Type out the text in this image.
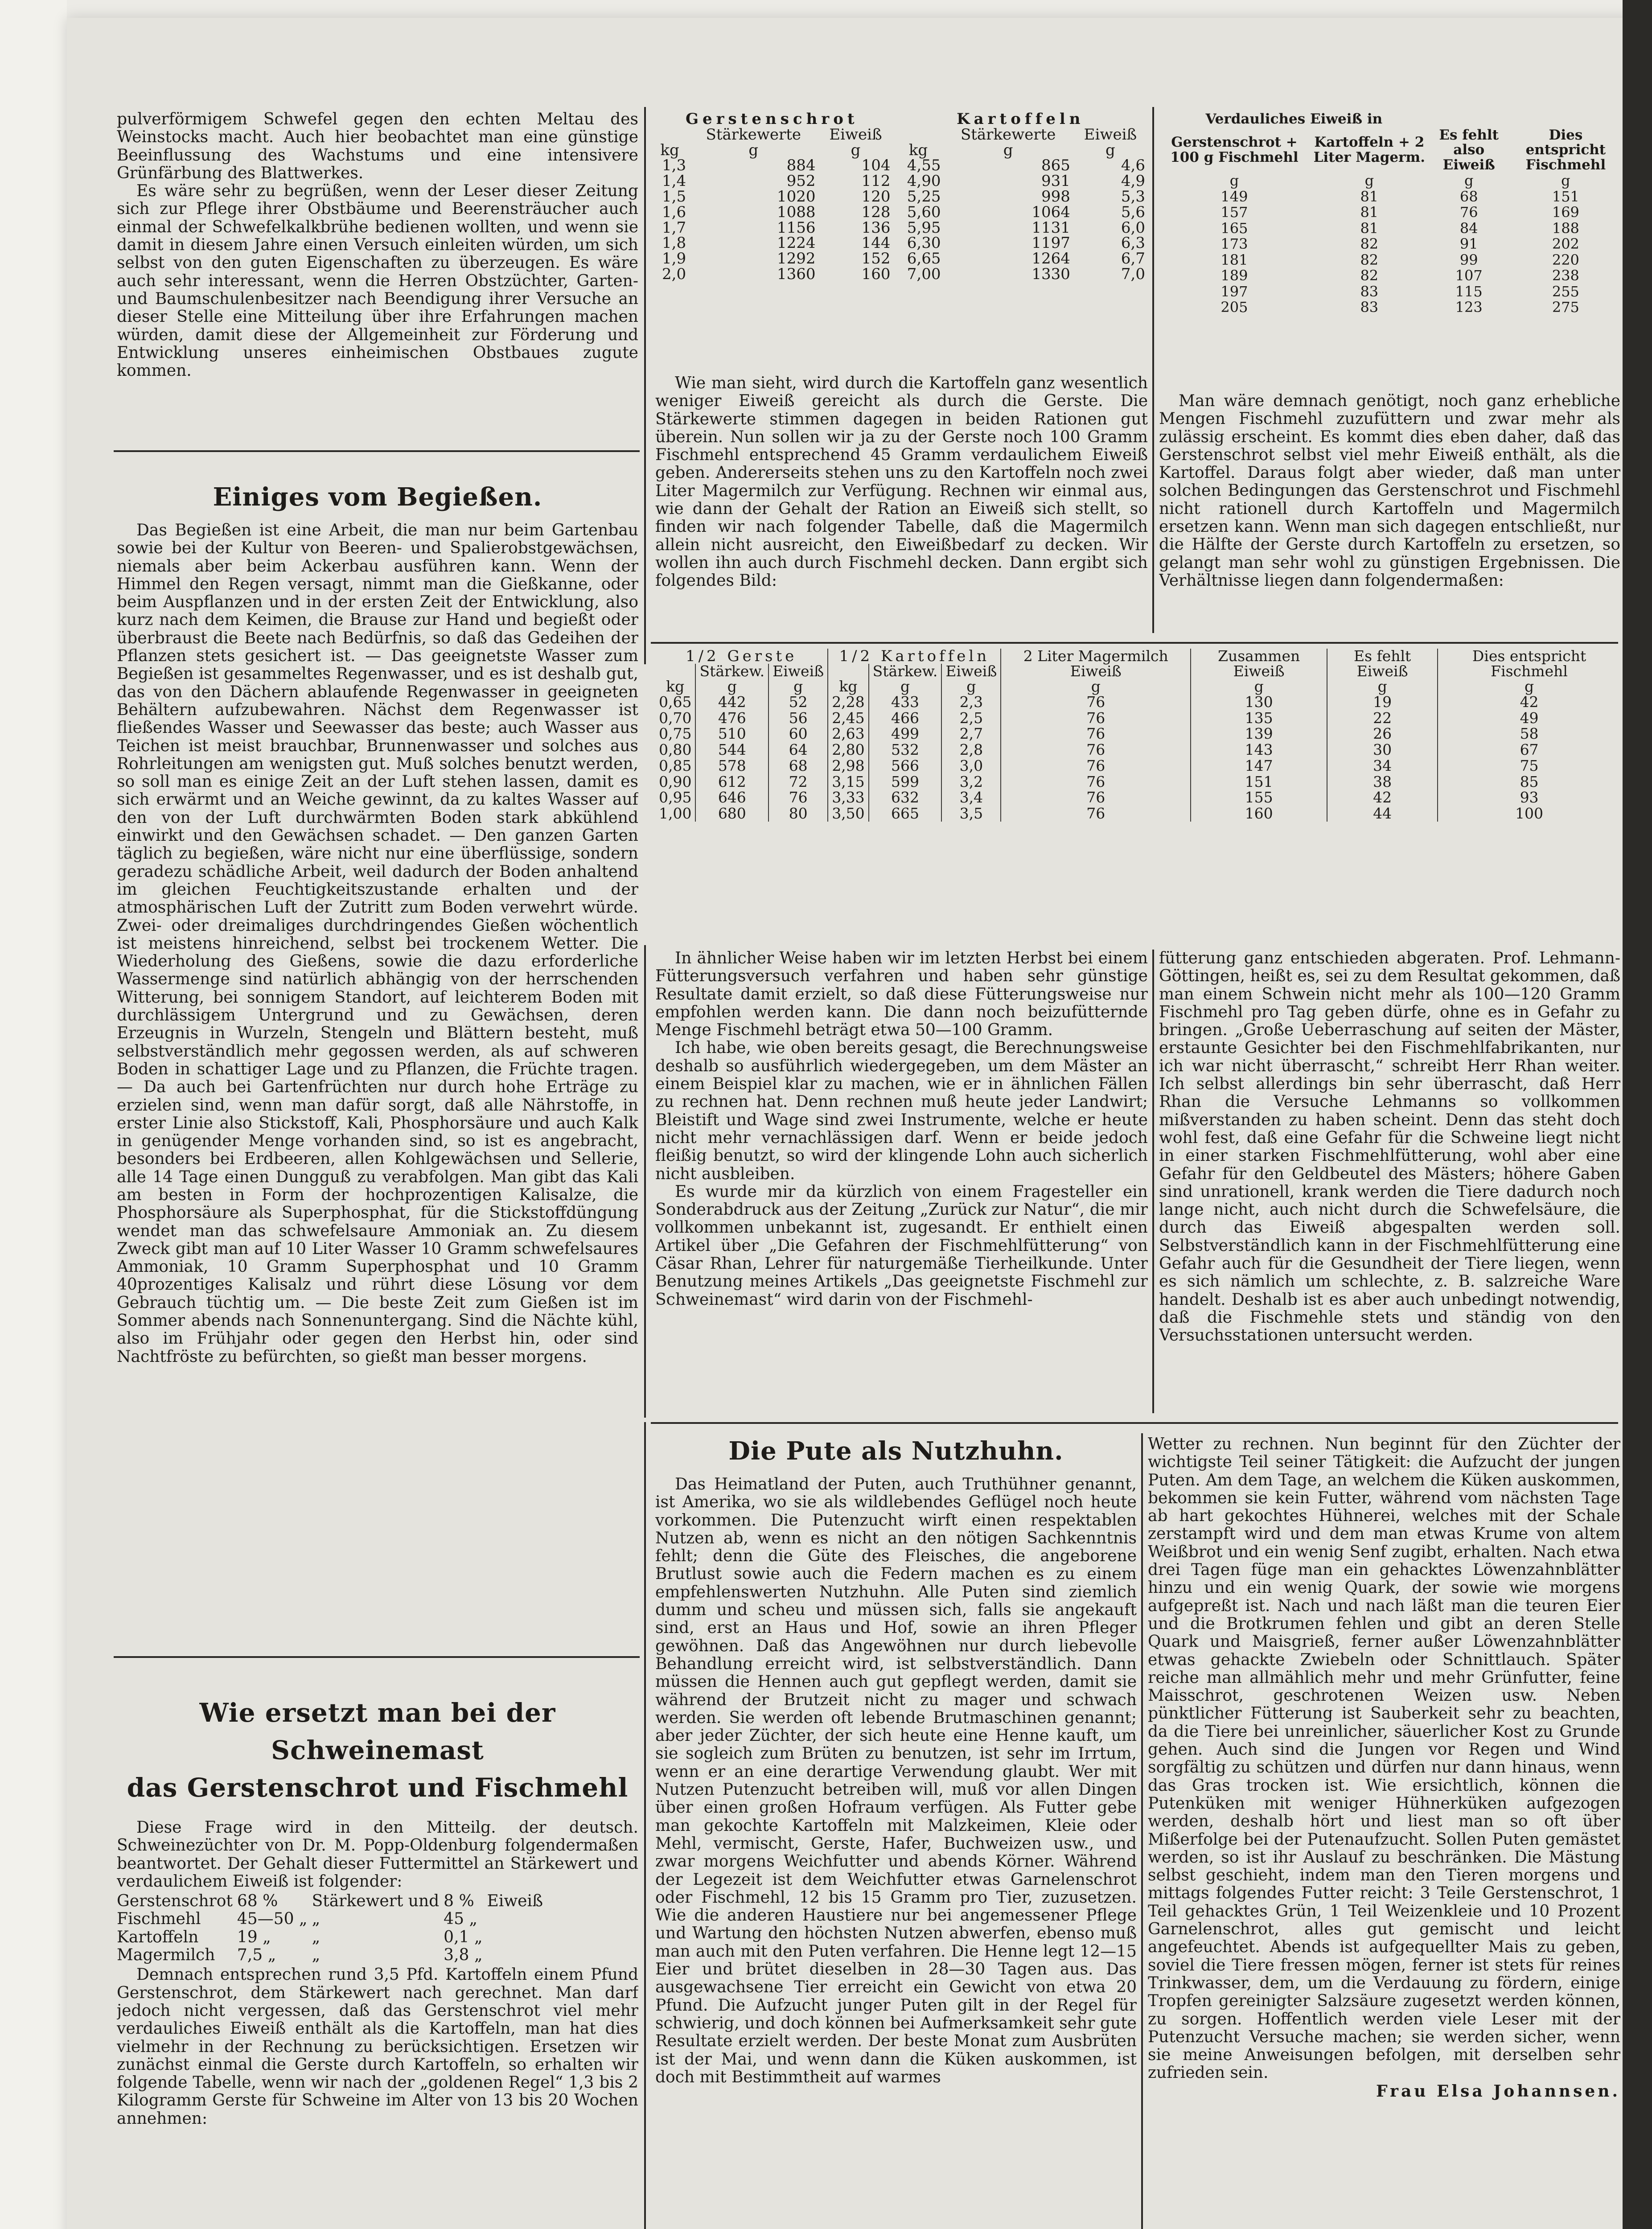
pulverförmigem Schwefel gegen den echten Meltau des Weinstocks macht. Auch hier beobachtet man eine günstige Beeinflussung des Wachstums und eine intensivere Grünfärbung des Blattwerkes.

Es wäre sehr zu begrüßen, wenn der Leser dieser Zeitung sich zur Pflege ihrer Obstbäume und Beerensträucher auch einmal der Schwefelkalkbrühe bedienen wollten, und wenn sie damit in diesem Jahre einen Versuch einleiten würden, um sich selbst von den guten Eigenschaften zu überzeugen. Es wäre auch sehr interessant, wenn die Herren Obstzüchter, Garten- und Baumschulenbesitzer nach Beendigung ihrer Versuche an dieser Stelle eine Mitteilung über ihre Erfahrungen machen würden, damit diese der Allgemeinheit zur Förderung und Entwicklung unseres einheimischen Obstbaues zugute kommen.

Einiges vom Begießen.

Das Begießen ist eine Arbeit, die man nur beim Gartenbau sowie bei der Kultur von Beeren- und Spalierobstgewächsen, niemals aber beim Ackerbau ausführen kann. Wenn der Himmel den Regen versagt, nimmt man die Gießkanne, oder beim Auspflanzen und in der ersten Zeit der Entwicklung, also kurz nach dem Keimen, die Brause zur Hand und begießt oder überbraust die Beete nach Bedürfnis, so daß das Gedeihen der Pflanzen stets gesichert ist. — Das geeignetste Wasser zum Begießen ist gesammeltes Regenwasser, und es ist deshalb gut, das von den Dächern ablaufende Regenwasser in geeigneten Behältern aufzubewahren. Nächst dem Regenwasser ist fließendes Wasser und Seewasser das beste; auch Wasser aus Teichen ist meist brauchbar, Brunnenwasser und solches aus Rohrleitungen am wenigsten gut. Muß solches benutzt werden, so soll man es einige Zeit an der Luft stehen lassen, damit es sich erwärmt und an Weiche gewinnt, da zu kaltes Wasser auf den von der Luft durchwärmten Boden stark abkühlend einwirkt und den Gewächsen schadet. — Den ganzen Garten täglich zu begießen, wäre nicht nur eine überflüssige, sondern geradezu schädliche Arbeit, weil dadurch der Boden anhaltend im gleichen Feuchtigkeitszustande erhalten und der atmosphärischen Luft der Zutritt zum Boden verwehrt würde. Zwei- oder dreimaliges durchdringendes Gießen wöchentlich ist meistens hinreichend, selbst bei trockenem Wetter. Die Wiederholung des Gießens, sowie die dazu erforderliche Wassermenge sind natürlich abhängig von der herrschenden Witterung, bei sonnigem Standort, auf leichterem Boden mit durchlässigem Untergrund und zu Gewächsen, deren Erzeugnis in Wurzeln, Stengeln und Blättern besteht, muß selbstverständlich mehr gegossen werden, als auf schweren Boden in schattiger Lage und zu Pflanzen, die Früchte tragen. — Da auch bei Gartenfrüchten nur durch hohe Erträge zu erzielen sind, wenn man dafür sorgt, daß alle Nährstoffe, in erster Linie also Stickstoff, Kali, Phosphorsäure und auch Kalk in genügender Menge vorhanden sind, so ist es angebracht, besonders bei Erdbeeren, allen Kohlgewächsen und Sellerie, alle 14 Tage einen Dungguß zu verabfolgen. Man gibt das Kali am besten in Form der hochprozentigen Kalisalze, die Phosphorsäure als Superphosphat, für die Stickstoffdüngung wendet man das schwefelsaure Ammoniak an. Zu diesem Zweck gibt man auf 10 Liter Wasser 10 Gramm schwefelsaures Ammoniak, 10 Gramm Superphosphat und 10 Gramm 40prozentiges Kalisalz und rührt diese Lösung vor dem Gebrauch tüchtig um. — Die beste Zeit zum Gießen ist im Sommer abends nach Sonnenuntergang. Sind die Nächte kühl, also im Frühjahr oder gegen den Herbst hin, oder sind Nachtfröste zu befürchten, so gießt man besser morgens.

Wie ersetzt man bei der Schweinemast
das Gerstenschrot und Fischmehl

Diese Frage wird in den Mitteilg. der deutsch. Schweinezüchter von Dr. M. Popp-Oldenburg folgendermaßen beantwortet. Der Gehalt dieser Futtermittel an Stärkewert und verdaulichem Eiweiß ist folgender:

Gerstenschrot	68 %	Stärkewert und	8 %	Eiweiß
Fischmehl	45—50 „	„	45 „	
Kartoffeln	19 „	„	0,1 „	
Magermilch	7,5 „	„	3,8 „	

Demnach entsprechen rund 3,5 Pfd. Kartoffeln einem Pfund Gerstenschrot, dem Stärkewert nach gerechnet. Man darf jedoch nicht vergessen, daß das Gerstenschrot viel mehr verdauliches Eiweiß enthält als die Kartoffeln, man hat dies vielmehr in der Rechnung zu berücksichtigen. Ersetzen wir zunächst einmal die Gerste durch Kartoffeln, so erhalten wir folgende Tabelle, wenn wir nach der „goldenen Regel“ 1,3 bis 2 Kilogramm Gerste für Schweine im Alter von 13 bis 20 Wochen annehmen:

Gerstenschrot			Kartoffeln		
	Stärkewerte	Eiweiß		Stärkewerte	Eiweiß
kg	g	g	kg	g	g
1,3	884	104	4,55	865	4,6
1,4	952	112	4,90	931	4,9
1,5	1020	120	5,25	998	5,3
1,6	1088	128	5,60	1064	5,6
1,7	1156	136	5,95	1131	6,0
1,8	1224	144	6,30	1197	6,3
1,9	1292	152	6,65	1264	6,7
2,0	1360	160	7,00	1330	7,0
Verdauliches Eiweiß in			
Gerstenschrot + 100 g Fischmehl	Kartoffeln + 2 Liter Magerm.	Es fehlt also Eiweiß	Dies entspricht Fischmehl
g	g	g	g
149	81	68	151
157	81	76	169
165	81	84	188
173	82	91	202
181	82	99	220
189	82	107	238
197	83	115	255
205	83	123	275

Wie man sieht, wird durch die Kartoffeln ganz wesentlich weniger Eiweiß gereicht als durch die Gerste. Die Stärkewerte stimmen dagegen in beiden Rationen gut überein. Nun sollen wir ja zu der Gerste noch 100 Gramm Fischmehl entsprechend 45 Gramm verdaulichem Eiweiß geben. Andererseits stehen uns zu den Kartoffeln noch zwei Liter Magermilch zur Verfügung. Rechnen wir einmal aus, wie dann der Gehalt der Ration an Eiweiß sich stellt, so finden wir nach folgender Tabelle, daß die Magermilch allein nicht ausreicht, den Eiweißbedarf zu decken. Wir wollen ihn auch durch Fischmehl decken. Dann ergibt sich folgendes Bild:

Man wäre demnach genötigt, noch ganz erhebliche Mengen Fischmehl zuzufüttern und zwar mehr als zulässig erscheint. Es kommt dies eben daher, daß das Gerstenschrot selbst viel mehr Eiweiß enthält, als die Kartoffel. Daraus folgt aber wieder, daß man unter solchen Bedingungen das Gerstenschrot und Fischmehl nicht rationell durch Kartoffeln und Magermilch ersetzen kann. Wenn man sich dagegen entschließt, nur die Hälfte der Gerste durch Kartoffeln zu ersetzen, so gelangt man sehr wohl zu günstigen Ergebnissen. Die Verhältnisse liegen dann folgendermaßen:

1/2 Gerste			1/2 Kartoffeln			2 Liter Magermilch Eiweiß	Zusammen Eiweiß	Es fehlt Eiweiß	Dies entspricht Fischmehl
	Stärkew.	Eiweiß		Stärkew.	Eiweiß				
kg	g	g	kg	g	g	g	g	g	g
0,65	442	52	2,28	433	2,3	76	130	19	42
0,70	476	56	2,45	466	2,5	76	135	22	49
0,75	510	60	2,63	499	2,7	76	139	26	58
0,80	544	64	2,80	532	2,8	76	143	30	67
0,85	578	68	2,98	566	3,0	76	147	34	75
0,90	612	72	3,15	599	3,2	76	151	38	85
0,95	646	76	3,33	632	3,4	76	155	42	93
1,00	680	80	3,50	665	3,5	76	160	44	100

In ähnlicher Weise haben wir im letzten Herbst bei einem Fütterungsversuch verfahren und haben sehr günstige Resultate damit erzielt, so daß diese Fütterungsweise nur empfohlen werden kann. Die dann noch beizufütternde Menge Fischmehl beträgt etwa 50—100 Gramm.

Ich habe, wie oben bereits gesagt, die Berechnungsweise deshalb so ausführlich wiedergegeben, um dem Mäster an einem Beispiel klar zu machen, wie er in ähnlichen Fällen zu rechnen hat. Denn rechnen muß heute jeder Landwirt; Bleistift und Wage sind zwei Instrumente, welche er heute nicht mehr vernachlässigen darf. Wenn er beide jedoch fleißig benutzt, so wird der klingende Lohn auch sicherlich nicht ausbleiben.

Es wurde mir da kürzlich von einem Fragesteller ein Sonderabdruck aus der Zeitung „Zurück zur Natur“, die mir vollkommen unbekannt ist, zugesandt. Er enthielt einen Artikel über „Die Gefahren der Fischmehlfütterung“ von Cäsar Rhan, Lehrer für naturgemäße Tierheilkunde. Unter Benutzung meines Artikels „Das geeignetste Fischmehl zur Schweinemast“ wird darin von der Fischmehl-

fütterung ganz entschieden abgeraten. Prof. Lehmann-Göttingen, heißt es, sei zu dem Resultat gekommen, daß man einem Schwein nicht mehr als 100—120 Gramm Fischmehl pro Tag geben dürfe, ohne es in Gefahr zu bringen. „Große Ueberraschung auf seiten der Mäster, erstaunte Gesichter bei den Fischmehlfabrikanten, nur ich war nicht überrascht,“ schreibt Herr Rhan weiter. Ich selbst allerdings bin sehr überrascht, daß Herr Rhan die Versuche Lehmanns so vollkommen mißverstanden zu haben scheint. Denn das steht doch wohl fest, daß eine Gefahr für die Schweine liegt nicht in einer starken Fischmehlfütterung, wohl aber eine Gefahr für den Geldbeutel des Mästers; höhere Gaben sind unrationell, krank werden die Tiere dadurch noch lange nicht, auch nicht durch die Schwefelsäure, die durch das Eiweiß abgespalten werden soll. Selbstverständlich kann in der Fischmehlfütterung eine Gefahr auch für die Gesundheit der Tiere liegen, wenn es sich nämlich um schlechte, z. B. salzreiche Ware handelt. Deshalb ist es aber auch unbedingt notwendig, daß die Fischmehle stets und ständig von den Versuchsstationen untersucht werden.

Die Pute als Nutzhuhn.

Das Heimatland der Puten, auch Truthühner genannt, ist Amerika, wo sie als wildlebendes Geflügel noch heute vorkommen. Die Putenzucht wirft einen respektablen Nutzen ab, wenn es nicht an den nötigen Sachkenntnis fehlt; denn die Güte des Fleisches, die angeborene Brutlust sowie auch die Federn machen es zu einem empfehlenswerten Nutzhuhn. Alle Puten sind ziemlich dumm und scheu und müssen sich, falls sie angekauft sind, erst an Haus und Hof, sowie an ihren Pfleger gewöhnen. Daß das Angewöhnen nur durch liebevolle Behandlung erreicht wird, ist selbstverständlich. Dann müssen die Hennen auch gut gepflegt werden, damit sie während der Brutzeit nicht zu mager und schwach werden. Sie werden oft lebende Brutmaschinen genannt; aber jeder Züchter, der sich heute eine Henne kauft, um sie sogleich zum Brüten zu benutzen, ist sehr im Irrtum, wenn er an eine derartige Verwendung glaubt. Wer mit Nutzen Putenzucht betreiben will, muß vor allen Dingen über einen großen Hofraum verfügen. Als Futter gebe man gekochte Kartoffeln mit Malzkeimen, Kleie oder Mehl, vermischt, Gerste, Hafer, Buchweizen usw., und zwar morgens Weichfutter und abends Körner. Während der Legezeit ist dem Weichfutter etwas Garnelenschrot oder Fischmehl, 12 bis 15 Gramm pro Tier, zuzusetzen. Wie die anderen Haustiere nur bei angemessener Pflege und Wartung den höchsten Nutzen abwerfen, ebenso muß man auch mit den Puten verfahren. Die Henne legt 12—15 Eier und brütet dieselben in 28—30 Tagen aus. Das ausgewachsene Tier erreicht ein Gewicht von etwa 20 Pfund. Die Aufzucht junger Puten gilt in der Regel für schwierig, und doch können bei Aufmerksamkeit sehr gute Resultate erzielt werden. Der beste Monat zum Ausbrüten ist der Mai, und wenn dann die Küken auskommen, ist doch mit Bestimmtheit auf warmes

Wetter zu rechnen. Nun beginnt für den Züchter der wichtigste Teil seiner Tätigkeit: die Aufzucht der jungen Puten. Am dem Tage, an welchem die Küken auskommen, bekommen sie kein Futter, während vom nächsten Tage ab hart gekochtes Hühnerei, welches mit der Schale zerstampft wird und dem man etwas Krume von altem Weißbrot und ein wenig Senf zugibt, erhalten. Nach etwa drei Tagen füge man ein gehacktes Löwenzahnblätter hinzu und ein wenig Quark, der sowie wie morgens aufgepreßt ist. Nach und nach läßt man die teuren Eier und die Brotkrumen fehlen und gibt an deren Stelle Quark und Maisgrieß, ferner außer Löwenzahnblätter etwas gehackte Zwiebeln oder Schnittlauch. Später reiche man allmählich mehr und mehr Grünfutter, feine Maisschrot, geschrotenen Weizen usw. Neben pünktlicher Fütterung ist Sauberkeit sehr zu beachten, da die Tiere bei unreinlicher, säuerlicher Kost zu Grunde gehen. Auch sind die Jungen vor Regen und Wind sorgfältig zu schützen und dürfen nur dann hinaus, wenn das Gras trocken ist. Wie ersichtlich, können die Putenküken mit weniger Hühnerküken aufgezogen werden, deshalb hört und liest man so oft über Mißerfolge bei der Putenaufzucht. Sollen Puten gemästet werden, so ist ihr Auslauf zu beschränken. Die Mästung selbst geschieht, indem man den Tieren morgens und mittags folgendes Futter reicht: 3 Teile Gerstenschrot, 1 Teil gehacktes Grün, 1 Teil Weizenkleie und 10 Prozent Garnelenschrot, alles gut gemischt und leicht angefeuchtet. Abends ist aufgequellter Mais zu geben, soviel die Tiere fressen mögen, ferner ist stets für reines Trinkwasser, dem, um die Verdauung zu fördern, einige Tropfen gereinigter Salzsäure zugesetzt werden können, zu sorgen. Hoffentlich werden viele Leser mit der Putenzucht Versuche machen; sie werden sicher, wenn sie meine Anweisungen befolgen, mit derselben sehr zufrieden sein.

Frau Elsa Johannsen.
